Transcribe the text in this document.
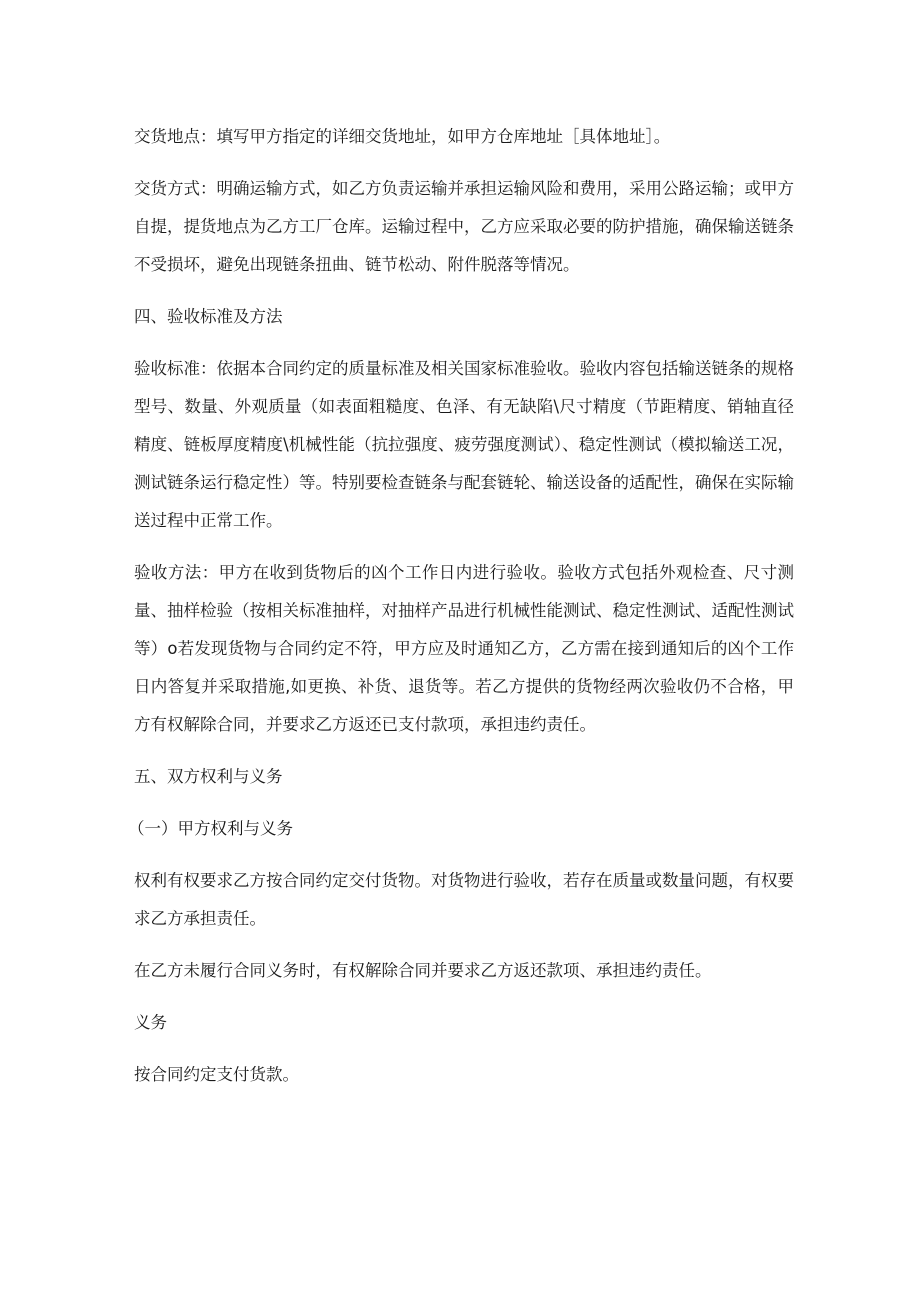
交货地点：填写甲方指定的详细交货地址，如甲方仓库地址［具体地址］。

交货方式：明确运输方式，如乙方负责运输并承担运输风险和费用，采用公路运输；或甲方自提，提货地点为乙方工厂仓库。运输过程中，乙方应采取必要的防护措施，确保输送链条不受损坏，避免出现链条扭曲、链节松动、附件脱落等情况。

四、验收标准及方法

验收标准：依据本合同约定的质量标准及相关国家标准验收。验收内容包括输送链条的规格型号、数量、外观质量（如表面粗糙度、色泽、有无缺陷\尺寸精度（节距精度、销轴直径精度、链板厚度精度\机械性能（抗拉强度、疲劳强度测试）、稳定性测试（模拟输送工况，测试链条运行稳定性）等。特别要检查链条与配套链轮、输送设备的适配性，确保在实际输送过程中正常工作。

验收方法：甲方在收到货物后的凶个工作日内进行验收。验收方式包括外观检查、尺寸测量、抽样检验（按相关标准抽样，对抽样产品进行机械性能测试、稳定性测试、适配性测试等）o若发现货物与合同约定不符，甲方应及时通知乙方，乙方需在接到通知后的凶个工作日内答复并采取措施,如更换、补货、退货等。若乙方提供的货物经两次验收仍不合格，甲方有权解除合同，并要求乙方返还已支付款项，承担违约责任。

五、双方权利与义务

（一）甲方权利与义务

权利有权要求乙方按合同约定交付货物。对货物进行验收，若存在质量或数量问题，有权要求乙方承担责任。

在乙方未履行合同义务时，有权解除合同并要求乙方返还款项、承担违约责任。

义务

按合同约定支付货款。
